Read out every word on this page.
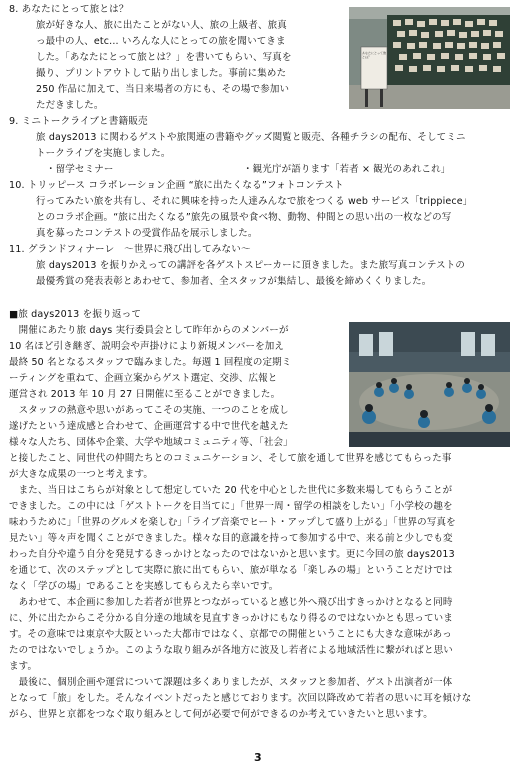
8. あなたにとって旅とは？

旅が好きな人、旅に出たことがない人、旅の上級者、旅真

っ最中の人、etc... いろんな人にとっての旅を聞いてきま

した。「あなたにとって旅とは？」を書いてもらい、写真を

撮り、プリントアウトして貼り出しました。事前に集めた

250 作品に加えて、当日来場者の方にも、その場で参加い

ただきました。

あなたにとって旅とは？

9. ミニトークライブと書籍販売

旅 days2013 に関わるゲストや旅関連の書籍やグッズ閲覧と販売、各種チラシの配布、そしてミニ

トークライブを実施しました。

・留学セミナー	・観光庁が語ります「若者 × 観光のあれこれ」

10. トリッピース コラボレーション企画 “旅に出たくなる”フォトコンテスト

行ってみたい旅を共有し、それに興味を持った人達みんなで旅をつくる web サービス「trippiece」

とのコラボ企画。“旅に出たくなる”旅先の風景や食べ物、動物、仲間との思い出の一枚などの写

真を募ったコンテストの受賞作品を展示しました。

11. グランドフィナーレ　～世界に飛び出してみない～

旅 days2013 を振りかえっての講評を各ゲストスピーカーに頂きました。また旅写真コンテストの

最優秀賞の発表表彰とあわせて、参加者、全スタッフが集結し、最後を締めくくりました。

■旅 days2013 を振り返って

　開催にあたり旅 days 実行委員会として昨年からのメンバーが

10 名ほど引き継ぎ、説明会や声掛けにより新規メンバーを加え

最終 50 名となるスタッフで臨みました。毎週 1 回程度の定期ミ

ーティングを重ねて、企画立案からゲスト選定、交渉、広報と

運営され 2013 年 10 月 27 日開催に至ることができました。

　スタッフの熱意や思いがあってこその実施、一つのことを成し

遂げたという達成感と合わせて、企画運営する中で世代を越えた

様々な人たち、団体や企業、大学や地域コミュニティ等、「社会」

と接したこと、同世代の仲間たちとのコミュニケーション、そして旅を通して世界を感じてもらった事

が大きな成果の一つと考えます。

　また、当日はこちらが対象として想定していた 20 代を中心とした世代に多数来場してもらうことが

できました。この中には「ゲストトークを目当てに」「世界一周・留学の相談をしたい」「小学校の趣を

味わうために」「世界のグルメを楽しむ」「ライブ音楽でヒート・アップして盛り上がる」「世界の写真を

見たい」等々声を聞くことができました。様々な目的意識を持って参加する中で、来る前と少しでも変

わった自分や違う自分を発見するきっかけとなったのではないかと思います。更に今回の旅 days2013

を通じて、次のステップとして実際に旅に出てもらい、旅が単なる「楽しみの場」ということだけでは

なく「学びの場」であることを実感してもらえたら幸いです。

　あわせて、本企画に参加した若者が世界とつながっていると感じ外へ飛び出すきっかけとなると同時

に、外に出たからこそ分かる自分達の地域を見直すきっかけにもなり得るのではないかとも思っていま

す。その意味では東京や大阪といった大都市ではなく、京都での開催ということにも大きな意味があっ

たのではないでしょうか。このような取り組みが各地方に波及し若者による地域活性に繋がればと思い

ます。

　最後に、個別企画や運営について課題は多くありましたが、スタッフと参加者、ゲスト出演者が一体

となって「旅」をした。そんなイベントだったと感じております。次回以降改めて若者の思いに耳を傾けな

がら、世界と京都をつなぐ取り組みとして何が必要で何ができるのか考えていきたいと思います。

3
